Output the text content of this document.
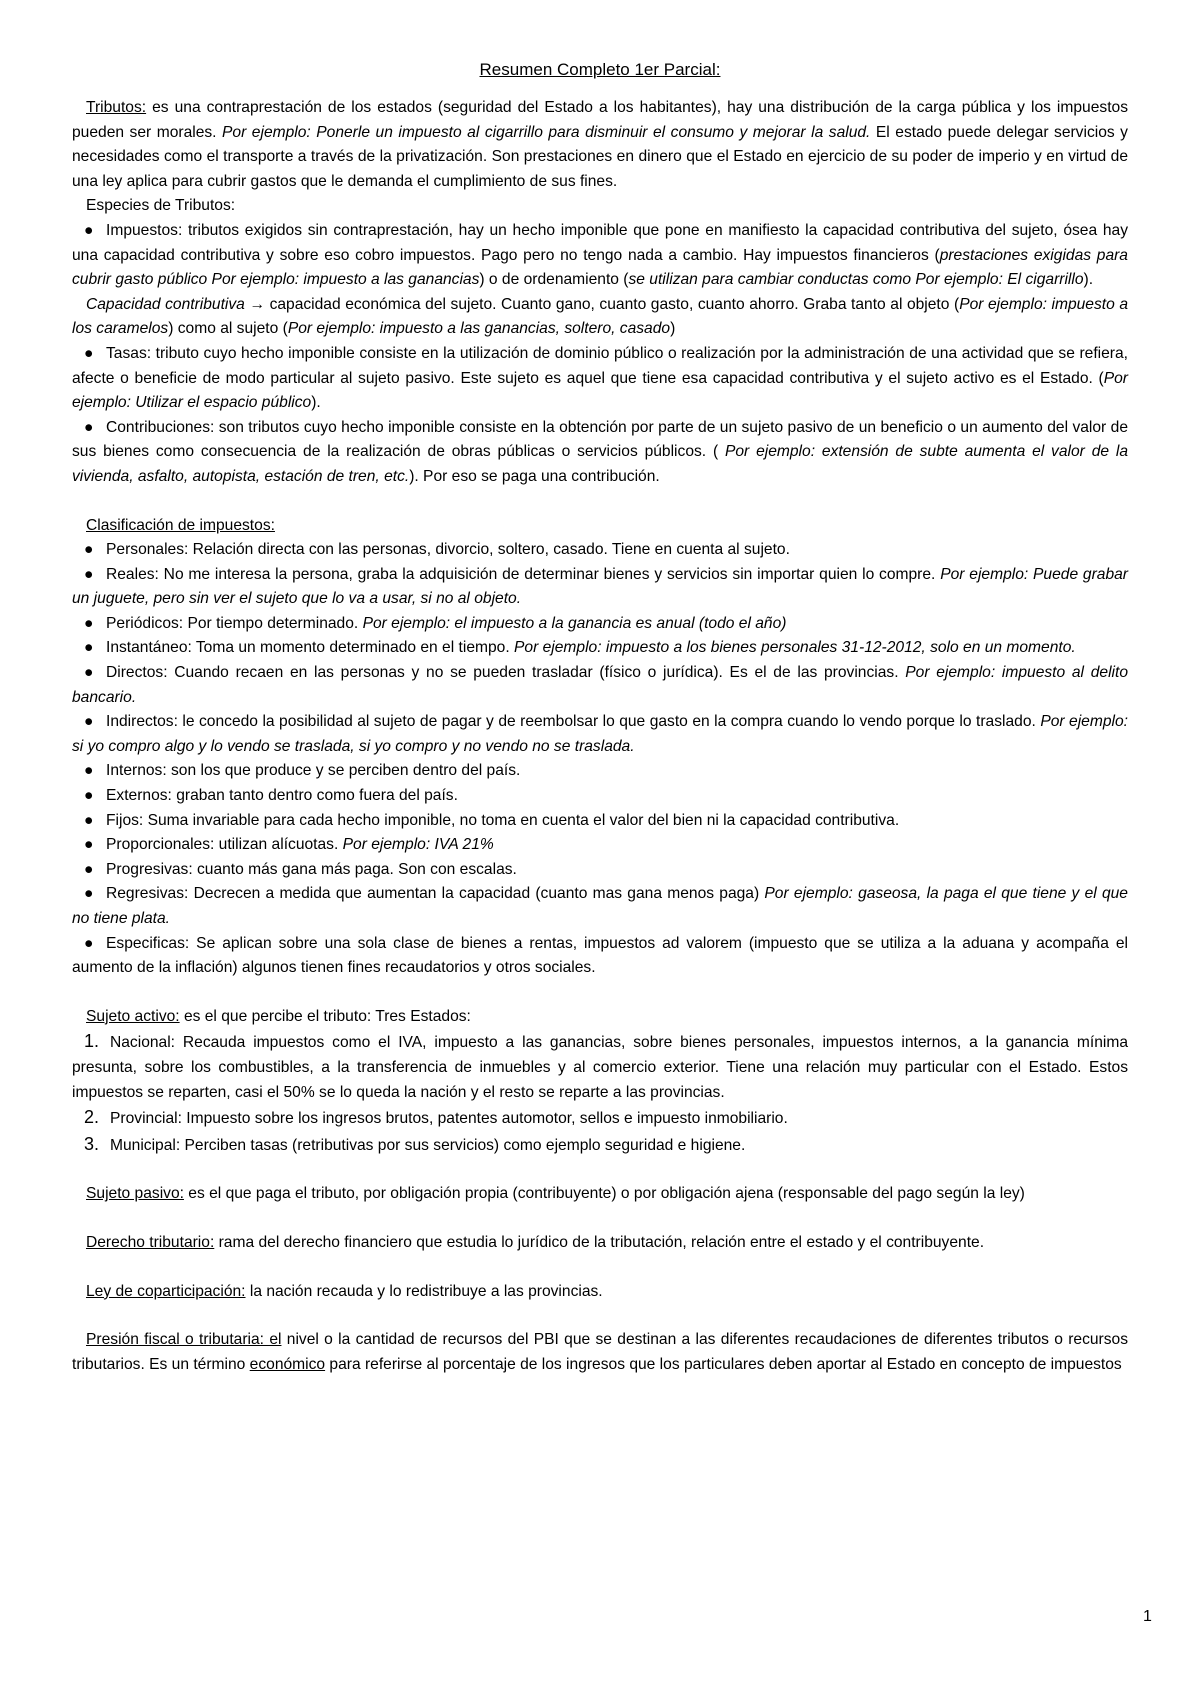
Resumen Completo 1er Parcial:

Tributos: es una contraprestación de los estados (seguridad del Estado a los habitantes), hay una distribución de la carga pública y los impuestos pueden ser morales. Por ejemplo: Ponerle un impuesto al cigarrillo para disminuir el consumo y mejorar la salud. El estado puede delegar servicios y necesidades como el transporte a través de la privatización. Son prestaciones en dinero que el Estado en ejercicio de su poder de imperio y en virtud de una ley aplica para cubrir gastos que le demanda el cumplimiento de sus fines.

Especies de Tributos:

● Impuestos: tributos exigidos sin contraprestación, hay un hecho imponible que pone en manifiesto la capacidad contributiva del sujeto, ósea hay una capacidad contributiva y sobre eso cobro impuestos. Pago pero no tengo nada a cambio. Hay impuestos financieros (prestaciones exigidas para cubrir gasto público Por ejemplo: impuesto a las ganancias) o de ordenamiento (se utilizan para cambiar conductas como Por ejemplo: El cigarrillo).

Capacidad contributiva → capacidad económica del sujeto. Cuanto gano, cuanto gasto, cuanto ahorro. Graba tanto al objeto (Por ejemplo: impuesto a los caramelos) como al sujeto (Por ejemplo: impuesto a las ganancias, soltero, casado)

● Tasas: tributo cuyo hecho imponible consiste en la utilización de dominio público o realización por la administración de una actividad que se refiera, afecte o beneficie de modo particular al sujeto pasivo. Este sujeto es aquel que tiene esa capacidad contributiva y el sujeto activo es el Estado. (Por ejemplo: Utilizar el espacio público).

● Contribuciones: son tributos cuyo hecho imponible consiste en la obtención por parte de un sujeto pasivo de un beneficio o un aumento del valor de sus bienes como consecuencia de la realización de obras públicas o servicios públicos. ( Por ejemplo: extensión de subte aumenta el valor de la vivienda, asfalto, autopista, estación de tren, etc.). Por eso se paga una contribución.

Clasificación de impuestos:

● Personales: Relación directa con las personas, divorcio, soltero, casado. Tiene en cuenta al sujeto.

● Reales: No me interesa la persona, graba la adquisición de determinar bienes y servicios sin importar quien lo compre. Por ejemplo: Puede grabar un juguete, pero sin ver el sujeto que lo va a usar, si no al objeto.

● Periódicos: Por tiempo determinado. Por ejemplo: el impuesto a la ganancia es anual (todo el año)

● Instantáneo: Toma un momento determinado en el tiempo. Por ejemplo: impuesto a los bienes personales 31-12-2012, solo en un momento.

● Directos: Cuando recaen en las personas y no se pueden trasladar (físico o jurídica). Es el de las provincias. Por ejemplo: impuesto al delito bancario.

● Indirectos: le concedo la posibilidad al sujeto de pagar y de reembolsar lo que gasto en la compra cuando lo vendo porque lo traslado. Por ejemplo: si yo compro algo y lo vendo se traslada, si yo compro y no vendo no se traslada.

● Internos: son los que produce y se perciben dentro del país.

● Externos: graban tanto dentro como fuera del país.

● Fijos: Suma invariable para cada hecho imponible, no toma en cuenta el valor del bien ni la capacidad contributiva.

● Proporcionales: utilizan alícuotas. Por ejemplo: IVA 21%

● Progresivas: cuanto más gana más paga. Son con escalas.

● Regresivas: Decrecen a medida que aumentan la capacidad (cuanto mas gana menos paga) Por ejemplo: gaseosa, la paga el que tiene y el que no tiene plata.

● Especificas: Se aplican sobre una sola clase de bienes a rentas, impuestos ad valorem (impuesto que se utiliza a la aduana y acompaña el aumento de la inflación) algunos tienen fines recaudatorios y otros sociales.

Sujeto activo: es el que percibe el tributo: Tres Estados:

1. Nacional: Recauda impuestos como el IVA, impuesto a las ganancias, sobre bienes personales, impuestos internos, a la ganancia mínima presunta, sobre los combustibles, a la transferencia de inmuebles y al comercio exterior. Tiene una relación muy particular con el Estado. Estos impuestos se reparten, casi el 50% se lo queda la nación y el resto se reparte a las provincias.

2. Provincial: Impuesto sobre los ingresos brutos, patentes automotor, sellos e impuesto inmobiliario.

3. Municipal: Perciben tasas (retributivas por sus servicios) como ejemplo seguridad e higiene.

Sujeto pasivo: es el que paga el tributo, por obligación propia (contribuyente) o por obligación ajena (responsable del pago según la ley)

Derecho tributario: rama del derecho financiero que estudia lo jurídico de la tributación, relación entre el estado y el contribuyente.

Ley de coparticipación: la nación recauda y lo redistribuye a las provincias.

Presión fiscal o tributaria: el nivel o la cantidad de recursos del PBI que se destinan a las diferentes recaudaciones de diferentes tributos o recursos tributarios. Es un término económico para referirse al porcentaje de los ingresos que los particulares deben aportar al Estado en concepto de impuestos

1
